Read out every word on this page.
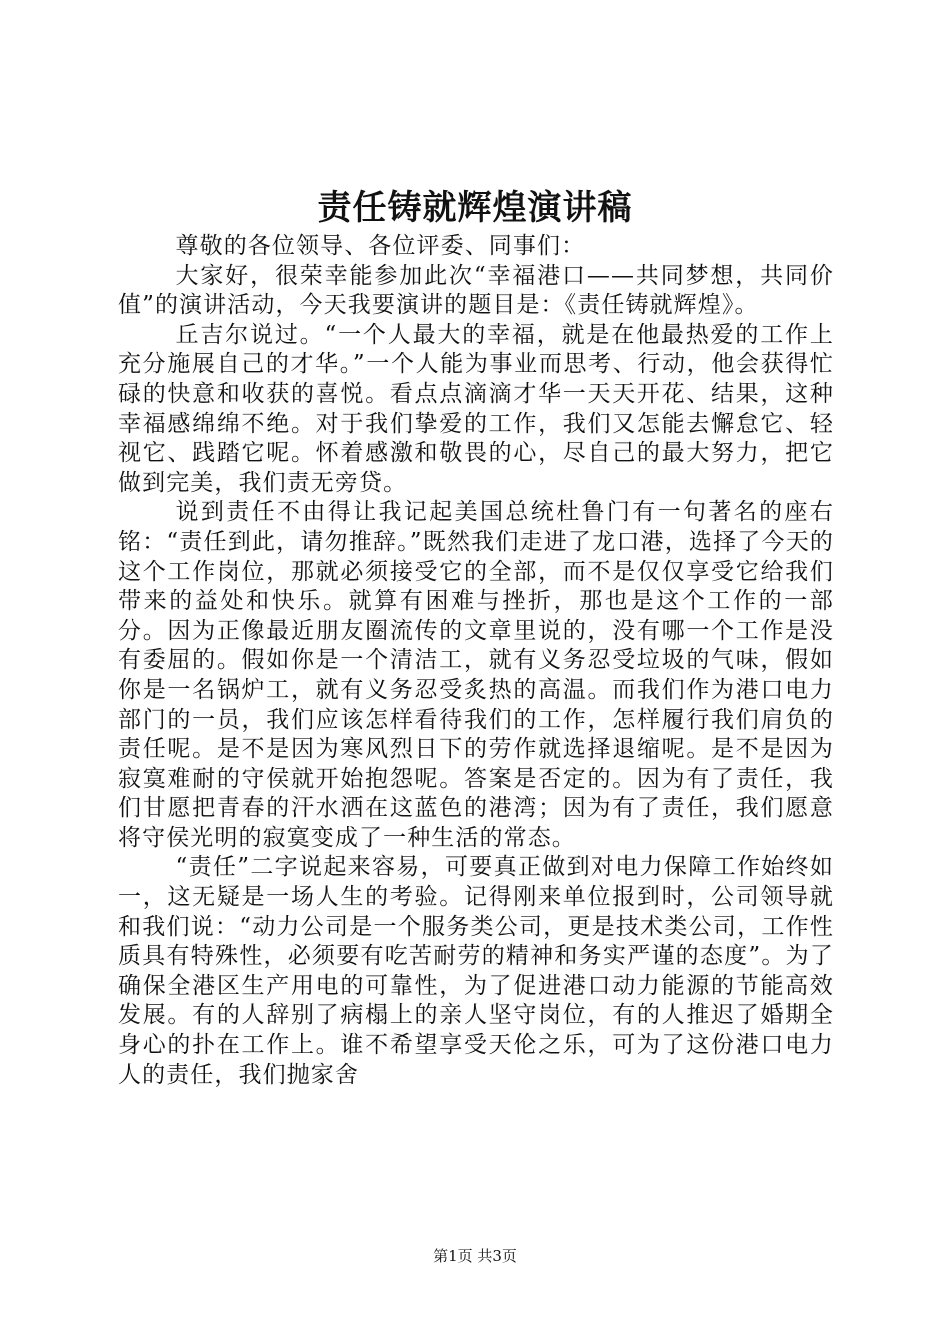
责任铸就辉煌演讲稿

尊敬的各位领导、各位评委、同事们：

大家好，很荣幸能参加此次“幸福港口——共同梦想，共同价值”的演讲活动，今天我要演讲的题目是：《责任铸就辉煌》。

丘吉尔说过。“一个人最大的幸福，就是在他最热爱的工作上充分施展自己的才华。”一个人能为事业而思考、行动，他会获得忙碌的快意和收获的喜悦。看点点滴滴才华一天天开花、结果，这种幸福感绵绵不绝。对于我们挚爱的工作，我们又怎能去懈怠它、轻视它、践踏它呢。怀着感激和敬畏的心，尽自己的最大努力，把它做到完美，我们责无旁贷。

说到责任不由得让我记起美国总统杜鲁门有一句著名的座右铭：“责任到此，请勿推辞。”既然我们走进了龙口港，选择了今天的这个工作岗位，那就必须接受它的全部，而不是仅仅享受它给我们带来的益处和快乐。就算有困难与挫折，那也是这个工作的一部分。因为正像最近朋友圈流传的文章里说的，没有哪一个工作是没有委屈的。假如你是一个清洁工，就有义务忍受垃圾的气味，假如你是一名锅炉工，就有义务忍受炙热的高温。而我们作为港口电力部门的一员，我们应该怎样看待我们的工作，怎样履行我们肩负的责任呢。是不是因为寒风烈日下的劳作就选择退缩呢。是不是因为寂寞难耐的守侯就开始抱怨呢。答案是否定的。因为有了责任，我们甘愿把青春的汗水洒在这蓝色的港湾；因为有了责任，我们愿意将守侯光明的寂寞变成了一种生活的常态。

“责任”二字说起来容易，可要真正做到对电力保障工作始终如一，这无疑是一场人生的考验。记得刚来单位报到时，公司领导就和我们说：“动力公司是一个服务类公司，更是技术类公司，工作性质具有特殊性，必须要有吃苦耐劳的精神和务实严谨的态度”。为了确保全港区生产用电的可靠性，为了促进港口动力能源的节能高效发展。有的人辞别了病榻上的亲人坚守岗位，有的人推迟了婚期全身心的扑在工作上。谁不希望享受天伦之乐，可为了这份港口电力人的责任，我们抛家舍

第1页 共3页
